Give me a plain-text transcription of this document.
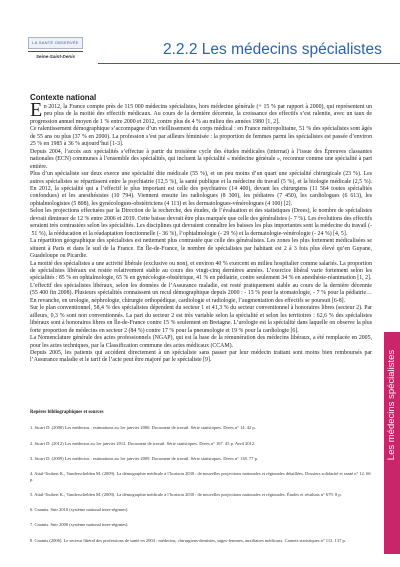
LA SANTÉ OBSERVÉE
Seine-Saint-Denis	2.2.2 Les médecins spécialistes
Contexte national

En 2012, la France compte près de 115 000 médecins spécialistes, hors médecine générale (+ 15 % par rapport à 2000), qui représentent un peu plus de la moitié des effectifs médicaux. Au cours de la dernière décennie, la croissance des effectifs s’est ralentie, avec un taux de progression annuel moyen de 1 % entre 2000 et 2012, contre plus de 4 % au milieu des années 1980 [1, 2].

Ce ralentissement démographique s’accompagne d’un vieillissement du corps médical : en France métropolitaine, 51 % des spécialistes sont âgés de 55 ans ou plus (37 % en 2000). La profession s’est par ailleurs féminisée : la proportion de femmes parmi les spécialistes est passée d’environ 25 % en 1985 à 36 % aujourd’hui [1-3].

Depuis 2004, l’accès aux spécialités s’effectue à partir du troisième cycle des études médicales (internat) à l’issue des Épreuves classantes nationales (ECN) communes à l’ensemble des spécialités, qui incluent la spécialité « médecine générale », reconnue comme une spécialité à part entière.

Plus d’un spécialiste sur deux exerce une spécialité dite médicale (55 %), et un peu moins d’un quart une spécialité chirurgicale (23 %). Les autres spécialistes se répartissent entre la psychiatrie (12,5 %), la santé publique et la médecine du travail (5 %), et la biologie médicale (2,5 %). En 2012, la spécialité qui a l’effectif le plus important est celle des psychiatres (14 400), devant les chirurgiens (11 564 toutes spécialités confondues) et les anesthésistes (10 794). Viennent ensuite les radiologues (8 300), les pédiatres (7 450), les cardiologues (6 613), les ophtalmologistes (5 808), les gynécologues-obstétriciens (4 113) et les dermatologues-vénérologues (4 100) [2].

Selon les projections effectuées par la Direction de la recherche, des études, de l’évaluation et des statistiques (Drees), le nombre de spécialistes devrait diminuer de 12 % entre 2006 et 2019. Cette baisse devrait être plus marquée que celle des généralistes (- 7 %). Les évolutions des effectifs seraient très contrastées selon les spécialités. Les disciplines qui devraient connaître les baisses les plus importantes sont la médecine du travail (- 51 %), la rééducation et la réadaptation fonctionnelle (- 36 %), l’ophtalmologie (- 29 %) et la dermatologie-vénérologie (- 24 %) [4, 5].

La répartition géographique des spécialistes est nettement plus contrastée que celle des généralistes. Les zones les plus fortement médicalisées se situent à Paris et dans le sud de la France. En Île-de-France, le nombre de spécialistes par habitant est 2 à 3 fois plus élevé qu’en Guyane, Guadeloupe ou Picardie.

La moitié des spécialistes a une activité libérale (exclusive ou non), et environ 40 % exercent en milieu hospitalier comme salariés. La proportion de spécialistes libéraux est restée relativement stable au cours des vingt-cinq dernières années. L’exercice libéral varie fortement selon les spécialités : 85 % en ophtalmologie, 65 % en gynécologie-obstétrique, 41 % en pédiatrie, contre seulement 34 % en anesthésie-réanimation [1, 2].

L’effectif des spécialistes libéraux, selon les données de l’Assurance maladie, est resté pratiquement stable au cours de la dernière décennie (55 400 fin 2008). Plusieurs spécialités connaissent un recul démographique depuis 2000 : - 13 % pour la stomatologie, - 7 % pour la pédiatrie… En revanche, en urologie, néphrologie, chirurgie orthopédique, cardiologie et radiologie, l’augmentation des effectifs se poursuit [6-8].

Sur le plan conventionnel, 58,4 % des spécialistes dépendent du secteur 1 et 41,3 % du secteur conventionnel à honoraires libres (secteur 2). Par ailleurs, 0,3 % sont non conventionnés. La part du secteur 2 est très variable selon la spécialité et selon les territoires : 62,6 % des spécialistes libéraux sont à honoraires libres en Île-de-France contre 15 % seulement en Bretagne. L’urologie est la spécialité dans laquelle on observe la plus forte proportion de médecins en secteur 2 (84 %) contre 17 % pour la pneumologie et 19 % pour la cardiologie [6].

La Nomenclature générale des actes professionnels (NGAP), qui est la base de la rémunération des médecins libéraux, a été remplacée en 2005, pour les actes techniques, par la Classification commune des actes médicaux (CCAM).

Depuis 2005, les patients qui accèdent directement à un spécialiste sans passer par leur médecin traitant sont moins bien remboursés par l’Assurance maladie et le tarif de l’acte peut être majoré par le spécialiste [9].

Repères bibliographiques et sources

1. Sicart D. (2000) Les médecins : estimations au 1er janvier 2000. Document de travail. Série statistiques. Drees n° 14. 42 p.
2. Sicart D. (2012) Les médecins au 1er janvier 2012. Document de travail. Série statistiques. Drees n° 167. 45 p. Avril 2012.
3. Sicart D. (2009) Les médecins : estimations au 1er janvier 2009. Document de travail. Série statistiques. Drees n° 138. 77 p.
4. Attal-Toubert K., Vanderschelden M. (2009). La démographie médicale à l’horizon 2030 : de nouvelles projections nationales et régionales détaillées. Dossiers solidarité et santé n° 12. 66 p.
5. Attal-Toubert K., Vanderschelden M. (2009). La démographie médicale à l’horizon 2030 : de nouvelles projections nationales et régionales. Études et résultats n° 679. 8 p.
6. Cnamts. Snir 2010 (système national inter-régimes).
7. Cnamts. Snir 2000 (système national inter-régimes).
8. Cnamts (2006). Le secteur libéral des professions de santé en 2004 : médecins, chirurgiens-dentistes, sages-femmes, auxiliaires médicaux. Carnets statistiques n° 112. 137 p.
Les médecins spécialistes
